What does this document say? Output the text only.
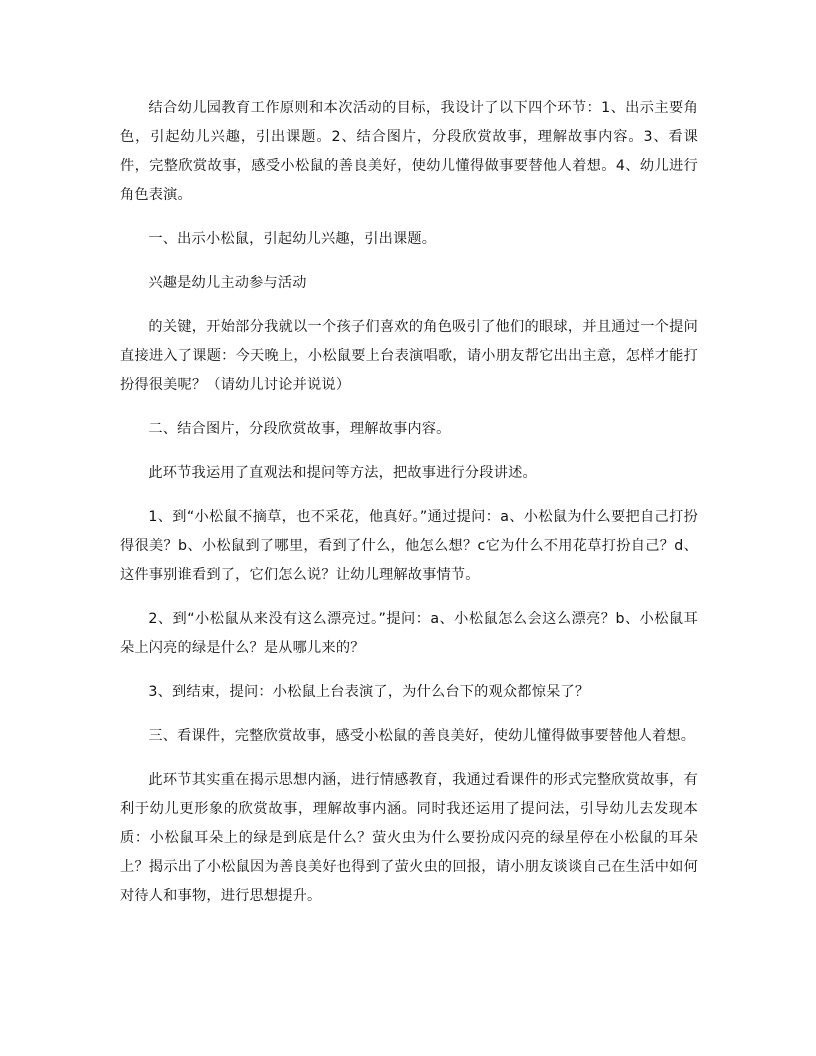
结合幼儿园教育工作原则和本次活动的目标，我设计了以下四个环节：1、出示主要角色，引起幼儿兴趣，引出课题。2、结合图片，分段欣赏故事，理解故事内容。3、看课件，完整欣赏故事，感受小松鼠的善良美好，使幼儿懂得做事要替他人着想。4、幼儿进行角色表演。

一、出示小松鼠，引起幼儿兴趣，引出课题。

兴趣是幼儿主动参与活动

的关键，开始部分我就以一个孩子们喜欢的角色吸引了他们的眼球，并且通过一个提问直接进入了课题：今天晚上，小松鼠要上台表演唱歌，请小朋友帮它出出主意，怎样才能打扮得很美呢？（请幼儿讨论并说说）

二、结合图片，分段欣赏故事，理解故事内容。

此环节我运用了直观法和提问等方法，把故事进行分段讲述。

1、到“小松鼠不摘草，也不采花，他真好。”通过提问：a、小松鼠为什么要把自己打扮得很美？b、小松鼠到了哪里，看到了什么，他怎么想？c它为什么不用花草打扮自己？d、这件事别谁看到了，它们怎么说？让幼儿理解故事情节。

2、到“小松鼠从来没有这么漂亮过。”提问：a、小松鼠怎么会这么漂亮？b、小松鼠耳朵上闪亮的绿是什么？是从哪儿来的？

3、到结束，提问：小松鼠上台表演了，为什么台下的观众都惊呆了？

三、看课件，完整欣赏故事，感受小松鼠的善良美好，使幼儿懂得做事要替他人着想。

此环节其实重在揭示思想内涵，进行情感教育，我通过看课件的形式完整欣赏故事，有利于幼儿更形象的欣赏故事，理解故事内涵。同时我还运用了提问法，引导幼儿去发现本质：小松鼠耳朵上的绿是到底是什么？萤火虫为什么要扮成闪亮的绿星停在小松鼠的耳朵上？揭示出了小松鼠因为善良美好也得到了萤火虫的回报，请小朋友谈谈自己在生活中如何对待人和事物，进行思想提升。
